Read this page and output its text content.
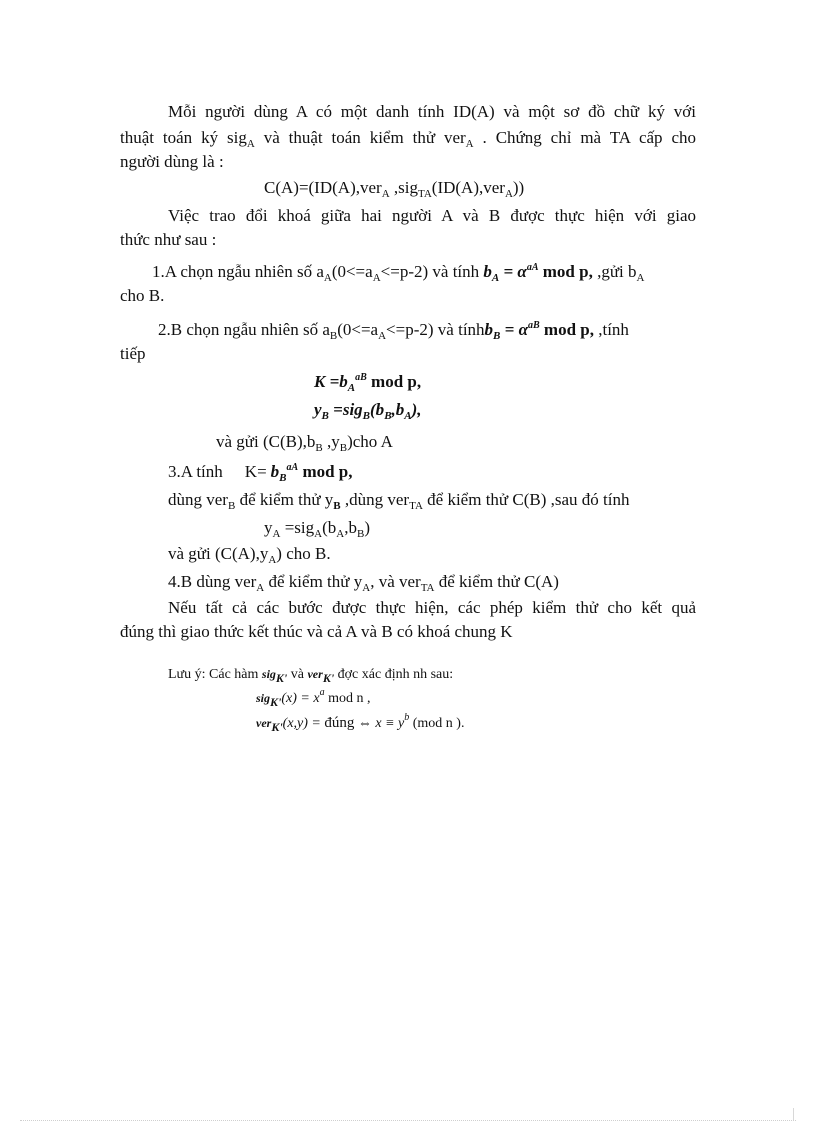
Mỗi người dùng A có một danh tính ID(A) và một sơ đồ chữ ký với
thuật toán ký sig$_A$ và thuật toán kiểm thử ver$_A$ . Chứng chỉ mà TA cấp cho
người dùng là :
C(A)=(ID(A),ver$_A$ ,sig$_{TA}$(ID(A),ver$_A$))
Việc trao đổi khoá giữa hai người A và B được thực hiện với giao
thức như sau :
1.A chọn ngẫu nhiên số $a_A(0<=a_A<=p-2)$ và tính $b_A = \alpha^{aA}$ mod p, ,gửi $b_A$
cho B.
2.B chọn ngẫu nhiên số $a_B(0<=a_A<=p-2)$ và tínhb$_B$ = $\alpha^{aB}$ mod p, ,tính
tiếp
$K =b_A^{aB}$ mod p,
$y_B =sig_B(b_B,b_A)$,
và gửi ($C(B),b_B$ $,y_B)cho$ A
3.A tính $K= b_B^{aA}$ mod p,
dùng ver$_B$ để kiểm thử $y_B$ ,dùng ver$_{TA}$ để kiểm thử C(B) ,sau đó tính
$y_A =sig_A(b_A,b_B)$
và gửi $(C(A),y_A)$ cho B.
4.B dùng ver$_A$ để kiểm thử $y_A$, và ver$_{TA}$ để kiểm thử C(A)
Nếu tất cả các bước được thực hiện, các phép kiểm thử cho kết quả
đúng thì giao thức kết thúc và cả A và B có khoá chung K
Lưu ý: Các hàm sig$_{K'}$ và ver$_{K'}$ đợc xác định nh sau:
$sig_{K'}(x) = x^a$ mod n ,
ver$_{K'}$(x,y) = đúng ⇔ $x \equiv y^b$ (mod n ).
